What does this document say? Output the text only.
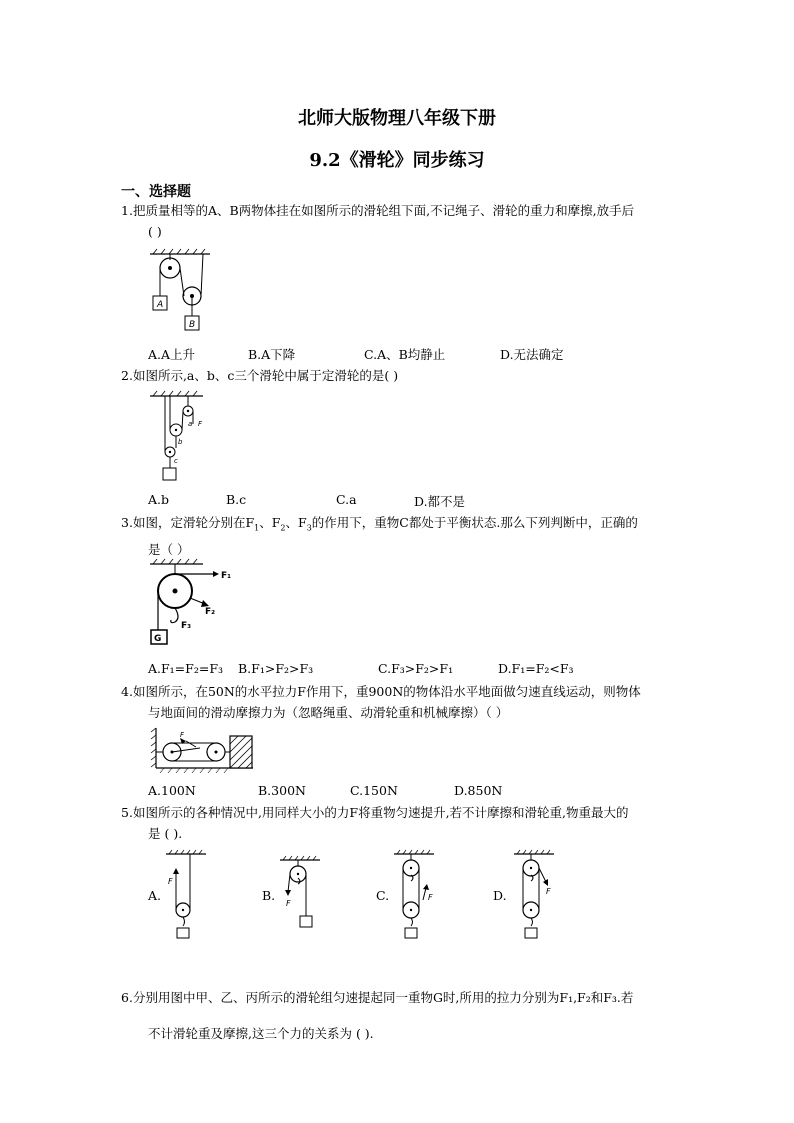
北师大版物理八年级下册
9.2《滑轮》同步练习
一、选择题
1.把质量相等的A、B两物体挂在如图所示的滑轮组下面,不记绳子、滑轮的重力和摩擦,放手后
( )
A
B
A.A上升	B.A下降	C.A、B均静止	D.无法确定
2.如图所示,a、b、c三个滑轮中属于定滑轮的是( )
a F
b
c
A.b	B.c	C.a	D.都不是
3.如图，定滑轮分别在$F_1$、$F_2$、$F_3$的作用下，重物C都处于平衡状态.那么下列判断中，正确的
是（ ）
F₁
F₂
F₃
G
A.F₁=F₂=F₃ B.F₁>F₂>F₃	C.F₃>F₂>F₁	D.F₁=F₂<F₃
4.如图所示，在50N的水平拉力F作用下，重900N的物体沿水平地面做匀速直线运动，则物体
与地面间的滑动摩擦力为（忽略绳重、动滑轮重和机械摩擦）（ ）
F
A.100N	B.300N	C.150N	D.850N
5.如图所示的各种情况中,用同样大小的力F将重物匀速提升,若不计摩擦和滑轮重,物重最大的
是 ( ).
A.
F
B.
F
C.	F	D.	F
6.分别用图中甲、乙、丙所示的滑轮组匀速提起同一重物G时,所用的拉力分别为F₁,F₂和F₃.若
不计滑轮重及摩擦,这三个力的关系为 ( ).
